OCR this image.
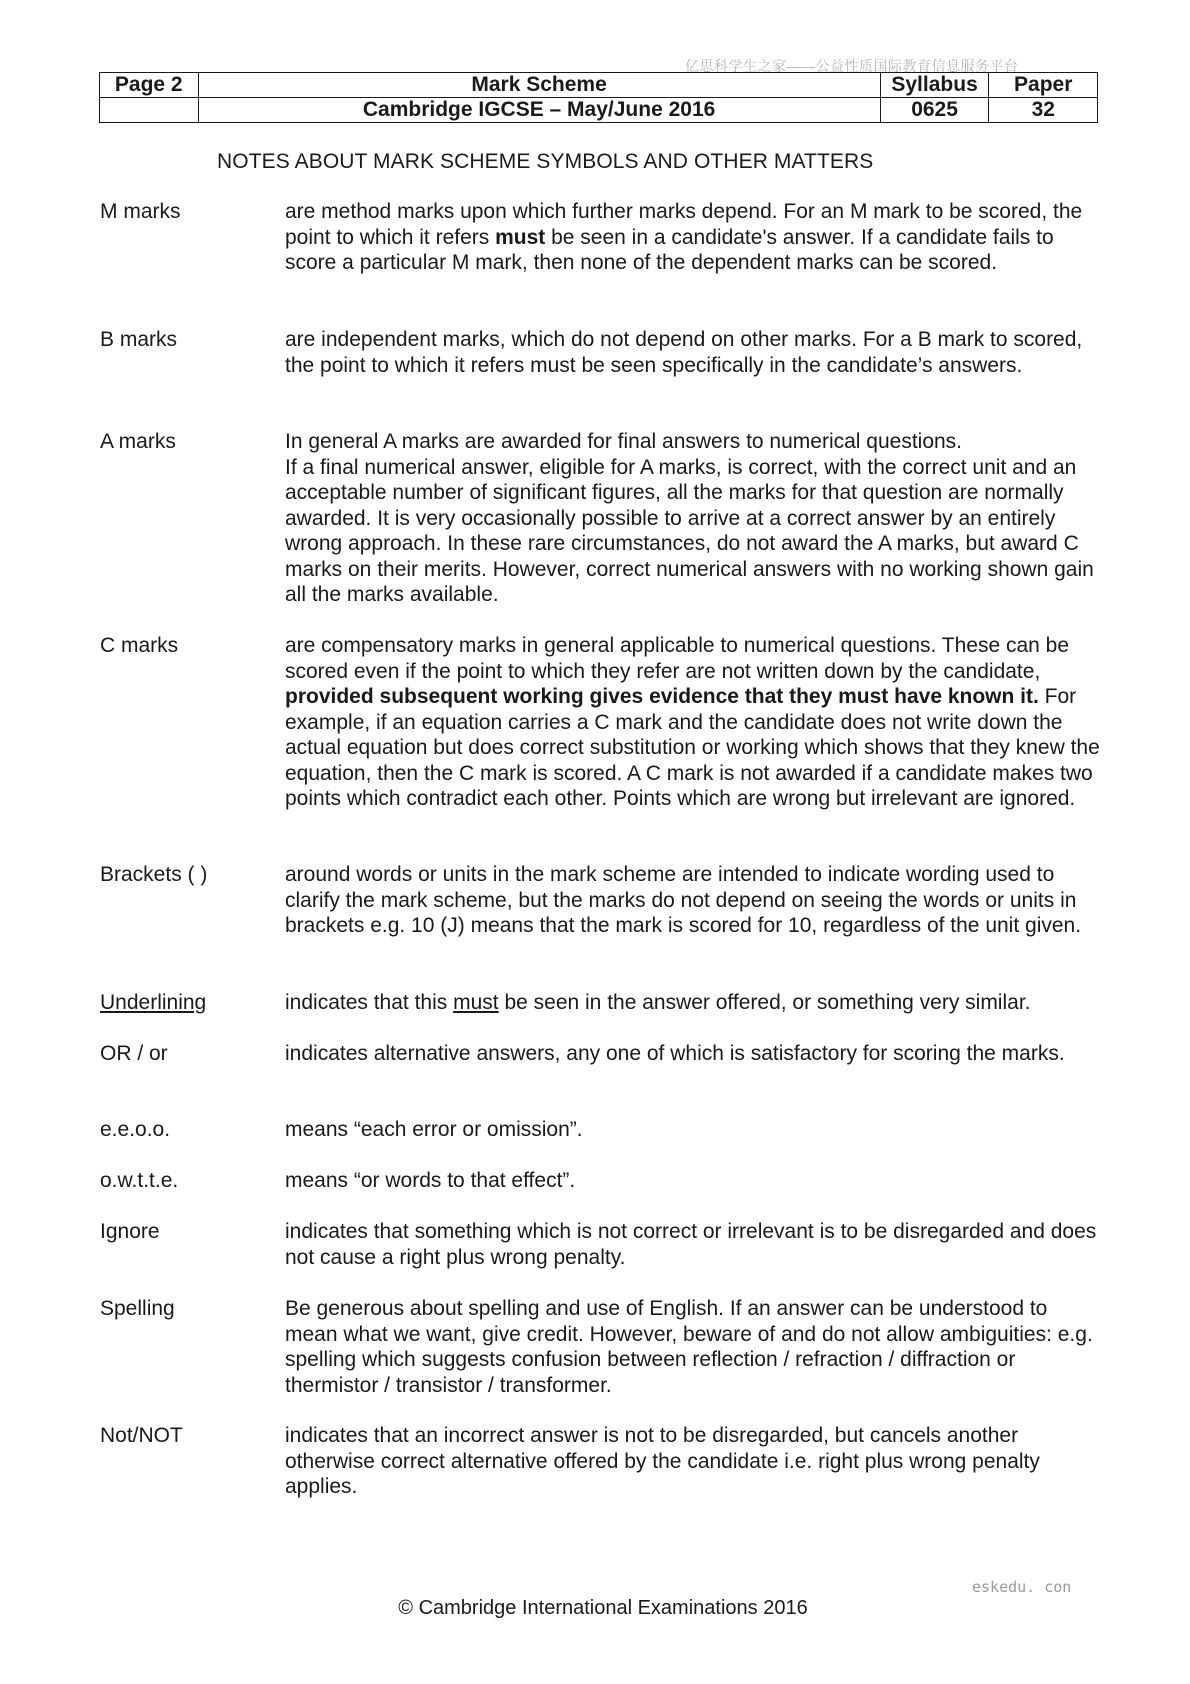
亿思科学生之家——公益性质国际教育信息服务平台
Page 2	Mark Scheme	Syllabus	Paper
	Cambridge IGCSE – May/June 2016	0625	32
NOTES ABOUT MARK SCHEME SYMBOLS AND OTHER MATTERS
M marks	are method marks upon which further marks depend. For an M mark to be scored, the point to which it refers must be seen in a candidate's answer. If a candidate fails to score a particular M mark, then none of the dependent marks can be scored.
B marks	are independent marks, which do not depend on other marks. For a B mark to scored, the point to which it refers must be seen specifically in the candidate’s answers.
A marks	In general A marks are awarded for final answers to numerical questions.
If a final numerical answer, eligible for A marks, is correct, with the correct unit and an acceptable number of significant figures, all the marks for that question are normally awarded. It is very occasionally possible to arrive at a correct answer by an entirely wrong approach. In these rare circumstances, do not award the A marks, but award C marks on their merits. However, correct numerical answers with no working shown gain all the marks available.
C marks	are compensatory marks in general applicable to numerical questions. These can be scored even if the point to which they refer are not written down by the candidate, provided subsequent working gives evidence that they must have known it. For example, if an equation carries a C mark and the candidate does not write down the actual equation but does correct substitution or working which shows that they knew the equation, then the C mark is scored. A C mark is not awarded if a candidate makes two points which contradict each other. Points which are wrong but irrelevant are ignored.
Brackets ( )	around words or units in the mark scheme are intended to indicate wording used to clarify the mark scheme, but the marks do not depend on seeing the words or units in brackets e.g. 10 (J) means that the mark is scored for 10, regardless of the unit given.
Underlining	indicates that this must be seen in the answer offered, or something very similar.
OR / or	indicates alternative answers, any one of which is satisfactory for scoring the marks.
e.e.o.o.	means “each error or omission”.
o.w.t.t.e.	means “or words to that effect”.
Ignore	indicates that something which is not correct or irrelevant is to be disregarded and does not cause a right plus wrong penalty.
Spelling	Be generous about spelling and use of English. If an answer can be understood to mean what we want, give credit. However, beware of and do not allow ambiguities: e.g. spelling which suggests confusion between reflection / refraction / diffraction or thermistor / transistor / transformer.
Not/NOT	indicates that an incorrect answer is not to be disregarded, but cancels another otherwise correct alternative offered by the candidate i.e. right plus wrong penalty applies.
eskedu. con
© Cambridge International Examinations 2016
